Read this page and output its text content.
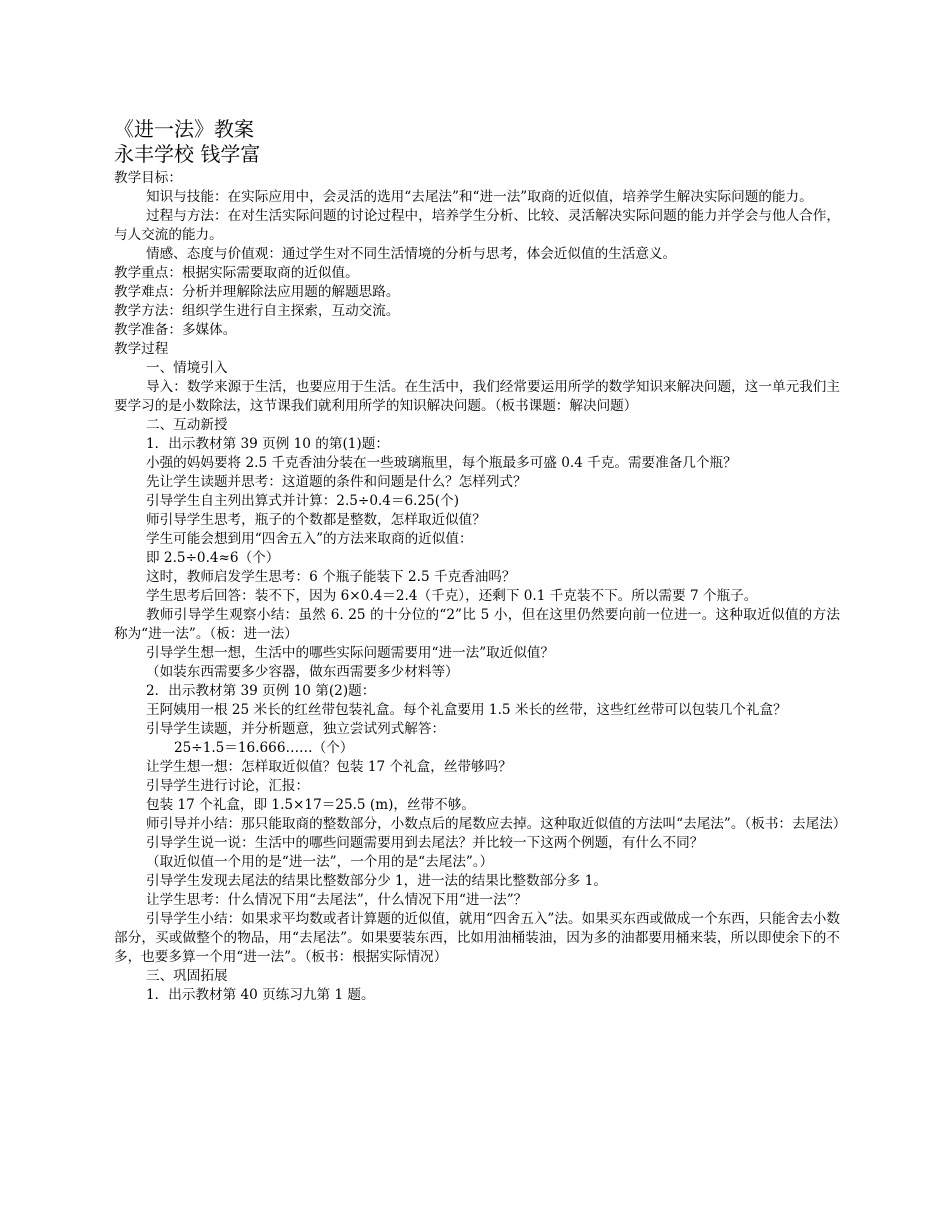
《进一法》教案
永丰学校 钱学富
教学目标：
知识与技能：在实际应用中，会灵活的选用“去尾法”和“进一法”取商的近似值，培养学生解决实际问题的能力。
过程与方法：在对生活实际问题的讨论过程中，培养学生分析、比较、灵活解决实际问题的能力并学会与他人合作，与人交流的能力。
情感、态度与价值观：通过学生对不同生活情境的分析与思考，体会近似值的生活意义。
教学重点：根据实际需要取商的近似值。
教学难点：分析并理解除法应用题的解题思路。
教学方法：组织学生进行自主探索，互动交流。
教学准备：多媒体。
教学过程
一、情境引入
导入：数学来源于生活，也要应用于生活。在生活中，我们经常要运用所学的数学知识来解决问题，这一单元我们主要学习的是小数除法，这节课我们就利用所学的知识解决问题。（板书课题：解决问题）
二、互动新授
1．出示教材第 39 页例 10 的第(1)题：
小强的妈妈要将 2.5 千克香油分装在一些玻璃瓶里，每个瓶最多可盛 0.4 千克。需要准备几个瓶？
先让学生读题并思考：这道题的条件和问题是什么？怎样列式？
引导学生自主列出算式并计算：2.5÷0.4＝6.25(个)
师引导学生思考，瓶子的个数都是整数，怎样取近似值？
学生可能会想到用“四舍五入”的方法来取商的近似值：
即 2.5÷0.4≈6（个）
这时，教师启发学生思考：6 个瓶子能装下 2.5 千克香油吗？
学生思考后回答：装不下，因为 6×0.4＝2.4（千克），还剩下 0.1 千克装不下。所以需要 7 个瓶子。
教师引导学生观察小结：虽然 6. 25 的十分位的“2”比 5 小，但在这里仍然要向前一位进一。这种取近似值的方法称为“进一法”。（板：进一法）
引导学生想一想，生活中的哪些实际问题需要用“进一法”取近似值？
（如装东西需要多少容器，做东西需要多少材料等）
2．出示教材第 39 页例 10 第(2)题：
王阿姨用一根 25 米长的红丝带包装礼盒。每个礼盒要用 1.5 米长的丝带，这些红丝带可以包装几个礼盒？
引导学生读题，并分析题意，独立尝试列式解答：
25÷1.5＝16.666……（个）
让学生想一想：怎样取近似值？包装 17 个礼盒，丝带够吗？
引导学生进行讨论，汇报：
包装 17 个礼盒，即 1.5×17＝25.5 (m)，丝带不够。
师引导并小结：那只能取商的整数部分，小数点后的尾数应去掉。这种取近似值的方法叫“去尾法”。（板书：去尾法）
引导学生说一说：生活中的哪些问题需要用到去尾法？并比较一下这两个例题，有什么不同？
（取近似值一个用的是“进一法”，一个用的是“去尾法”。）
引导学生发现去尾法的结果比整数部分少 1，进一法的结果比整数部分多 1。
让学生思考：什么情况下用“去尾法”，什么情况下用“进一法”？
引导学生小结：如果求平均数或者计算题的近似值，就用“四舍五入”法。如果买东西或做成一个东西，只能舍去小数部分，买或做整个的物品，用“去尾法”。如果要装东西，比如用油桶装油，因为多的油都要用桶来装，所以即使余下的不多，也要多算一个用“进一法”。（板书：根据实际情况）
三、巩固拓展
1．出示教材第 40 页练习九第 1 题。
